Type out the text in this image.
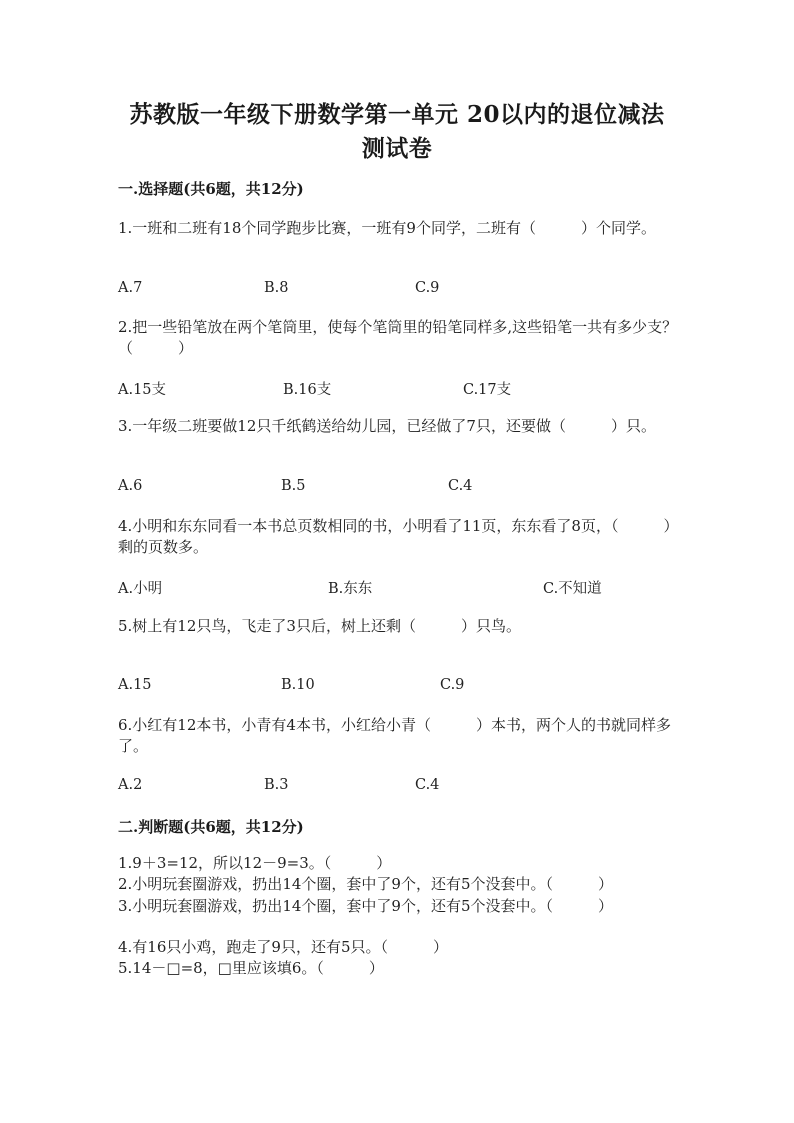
苏教版一年级下册数学第一单元 20以内的退位减法
测试卷
一.选择题(共6题，共12分)
1.一班和二班有18个同学跑步比赛，一班有9个同学，二班有（　　　）个同学。
A.7	B.8	C.9
2.把一些铅笔放在两个笔筒里，使每个笔筒里的铅笔同样多,这些铅笔一共有多少支？（　　　）
A.15支	B.16支	C.17支
3.一年级二班要做12只千纸鹤送给幼儿园，已经做了7只，还要做（　　　）只。
A.6	B.5	C.4
4.小明和东东同看一本书总页数相同的书，小明看了11页，东东看了8页，（　　　）剩的页数多。
A.小明	B.东东	C.不知道
5.树上有12只鸟，飞走了3只后，树上还剩（　　　）只鸟。
A.15	B.10	C.9
6.小红有12本书，小青有4本书，小红给小青（　　　）本书，两个人的书就同样多了。
A.2	B.3	C.4
二.判断题(共6题，共12分)
1.9＋3=12，所以12－9=3。（　　　）
2.小明玩套圈游戏，扔出14个圈，套中了9个，还有5个没套中。（　　　）
3.小明玩套圈游戏，扔出14个圈，套中了9个，还有5个没套中。（　　　）
4.有16只小鸡，跑走了9只，还有5只。（　　　）
5.14－□=8，□里应该填6。（　　　）
